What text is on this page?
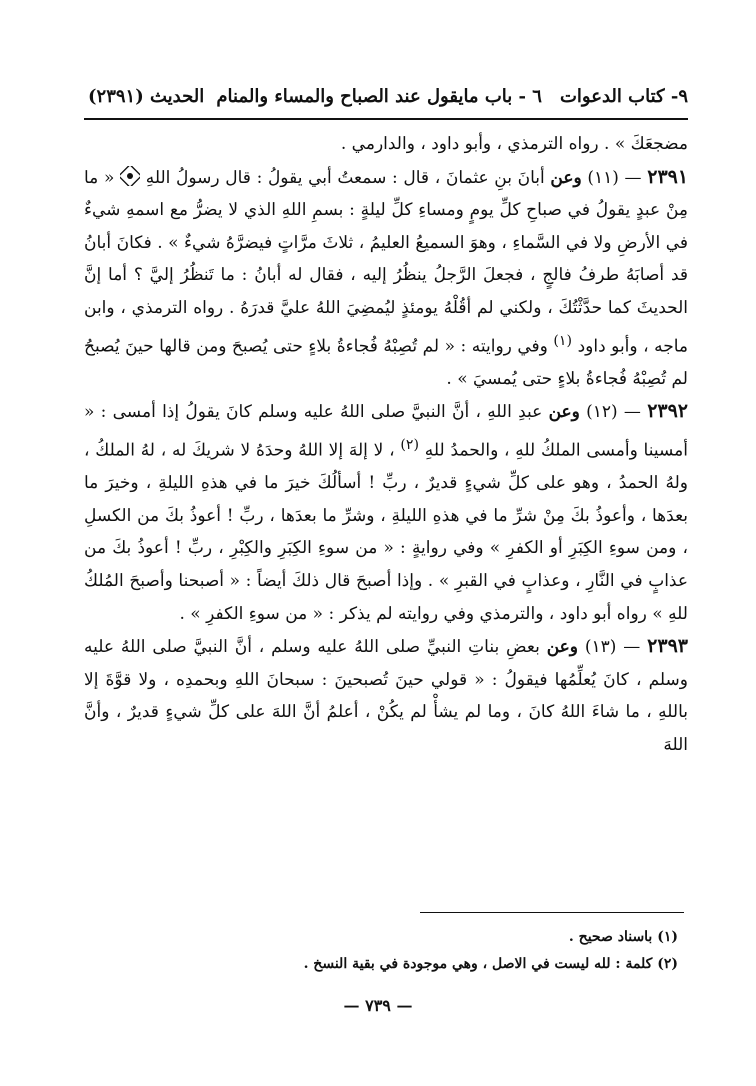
٩- كتاب الدعوات
٦ - باب مايقول عند الصباح والمساء والمنام
الحديث (٢٣٩١)

مضجعَكَ » . رواه الترمذي ، وأبو داود ، والدارمي .

٢٣٩١ — (١١) وعن أبانَ بنِ عثمانَ ، قال : سمعتُ أبي يقولُ : قال رسولُ اللهِ  « ما مِنْ عبدٍ يقولُ في صباحِ كلِّ يومٍ ومساءِ كلِّ ليلةٍ : بسمِ اللهِ الذي لا يضرُّ مع اسمهِ شيءٌ في الأرضِ ولا في السَّماءِ ، وهوَ السميعُ العليمُ ، ثلاثَ مرَّاتٍ فيضرَّهُ شيءٌ » . فكانَ أبانُ قد أصابَهُ طرفُ فالجٍ ، فجعلَ الرَّجلُ ينظُرُ إليه ، فقال له أبانُ : ما تَنظُرُ إليَّ ؟ أما إنَّ الحديثَ كما حدَّثْتُكَ ، ولكني لم أقُلْهُ يومئذٍ ليُمضِيَ اللهُ عليَّ قدرَهُ . رواه الترمذي ، وابن ماجه ، وأبو داود $^{(١)}$ وفي روايته : « لم تُصِبْهُ فُجاءةُ بلاءٍ حتى يُصبحَ ومن قالها حينَ يُصبحُ لم تُصِبْهُ فُجاءةُ بلاءٍ حتى يُمسيَ » .

٢٣٩٢ — (١٢) وعن عبدِ اللهِ ، أنَّ النبيَّ صلى اللهُ عليه وسلم كانَ يقولُ إذا أمسى : « أمسينا وأمسى الملكُ للهِ ، والحمدُ للهِ $^{(٢)}$ ، لا إلهَ إلا اللهُ وحدَهُ لا شريكَ له ، لهُ الملكُ ، ولهُ الحمدُ ، وهو على كلِّ شيءٍ قديرٌ ، ربِّ ! أسألُكَ خيرَ ما في هذهِ الليلةِ ، وخيرَ ما بعدَها ، وأعوذُ بكَ مِنْ شرِّ ما في هذهِ الليلةِ ، وشرِّ ما بعدَها ، ربِّ ! أعوذُ بكَ من الكسلِ ، ومن سوءِ الكِبَرِ أو الكفرِ » وفي روايةٍ : « من سوءِ الكِبَرِ والكِبْرِ ، ربِّ ! أعوذُ بكَ من عذابٍ في النَّارِ ، وعذابٍ في القبرِ » . وإذا أصبحَ قال ذلكَ أيضاً : « أصبحنا وأصبحَ المُلكُ للهِ » رواه أبو داود ، والترمذي وفي روايته لم يذكر : « من سوءِ الكفرِ » .

٢٣٩٣ — (١٣) وعن بعضِ بناتِ النبيِّ صلى اللهُ عليه وسلم ، أنَّ النبيَّ صلى اللهُ عليه وسلم ، كانَ يُعلِّمُها فيقولُ : « قولي حينَ تُصبحينَ : سبحانَ اللهِ وبحمدِه ، ولا قوَّةَ إلا باللهِ ، ما شاءَ اللهُ كانَ ، وما لم يشأْ لم يكُنْ ، أعلمُ أنَّ اللهَ على كلِّ شيءٍ قديرٌ ، وأنَّ اللهَ

(١) باسناد صحيح .

(٢) كلمة : لله ليست في الاصل ، وهي موجودة في بقية النسخ .

— ٧٣٩ —
